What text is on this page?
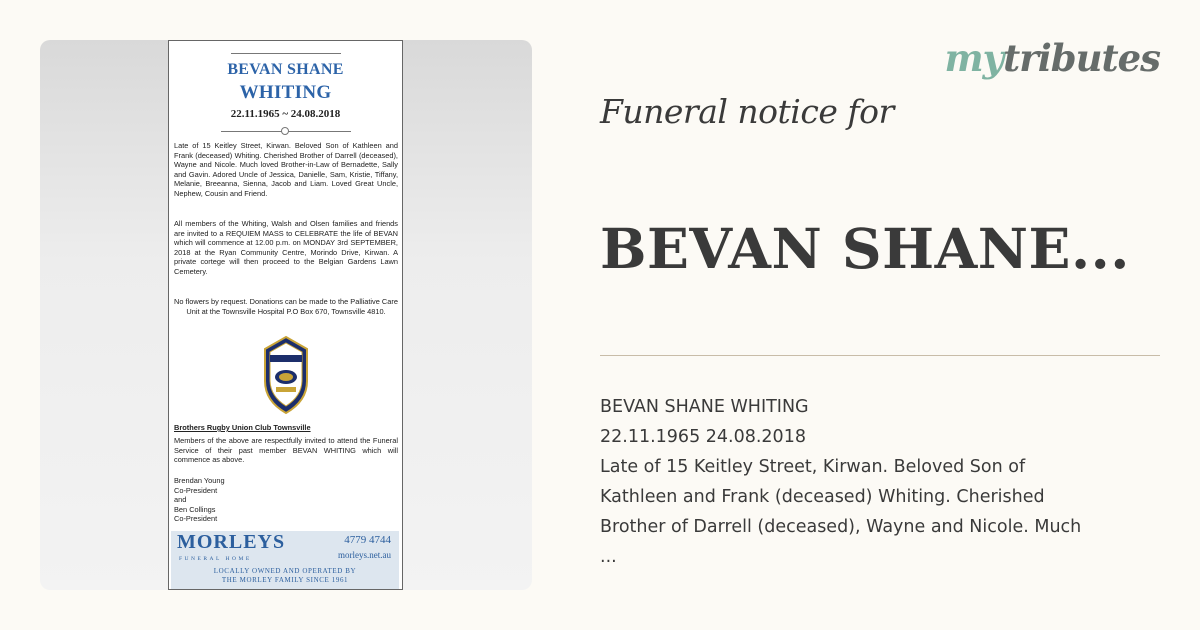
BEVAN SHANE
WHITING
22.11.1965 ~ 24.08.2018
Late of 15 Keitley Street, Kirwan. Beloved Son of Kathleen and Frank (deceased) Whiting. Cherished Brother of Darrell (deceased), Wayne and Nicole. Much loved Brother-in-Law of Bernadette, Sally and Gavin. Adored Uncle of Jessica, Danielle, Sam, Kristie, Tiffany, Melanie, Breeanna, Sienna, Jacob and Liam. Loved Great Uncle, Nephew, Cousin and Friend.
All members of the Whiting, Walsh and Olsen families and friends are invited to a REQUIEM MASS to CELEBRATE the life of BEVAN which will commence at 12.00 p.m. on MONDAY 3rd SEPTEMBER, 2018 at the Ryan Community Centre, Morindo Drive, Kirwan. A private cortege will then proceed to the Belgian Gardens Lawn Cemetery.
No flowers by request. Donations can be made to the Palliative Care Unit at the Townsville Hospital P.O Box 670, Townsville 4810.
Brothers Rugby Union Club Townsville
Members of the above are respectfully invited to attend the Funeral Service of their past member BEVAN WHITING which will commence as above.
Brendan Young
Co-President
and
Ben Collings
Co-President
MORLEYS
FUNERAL HOME
4779 4744
morleys.net.au
LOCALLY OWNED AND OPERATED BY
THE MORLEY FAMILY SINCE 1961
mytributes
Funeral notice for
BEVAN SHANE...
BEVAN SHANE WHITING
22.11.1965 24.08.2018
Late of 15 Keitley Street, Kirwan. Beloved Son of
Kathleen and Frank (deceased) Whiting. Cherished
Brother of Darrell (deceased), Wayne and Nicole. Much
...
